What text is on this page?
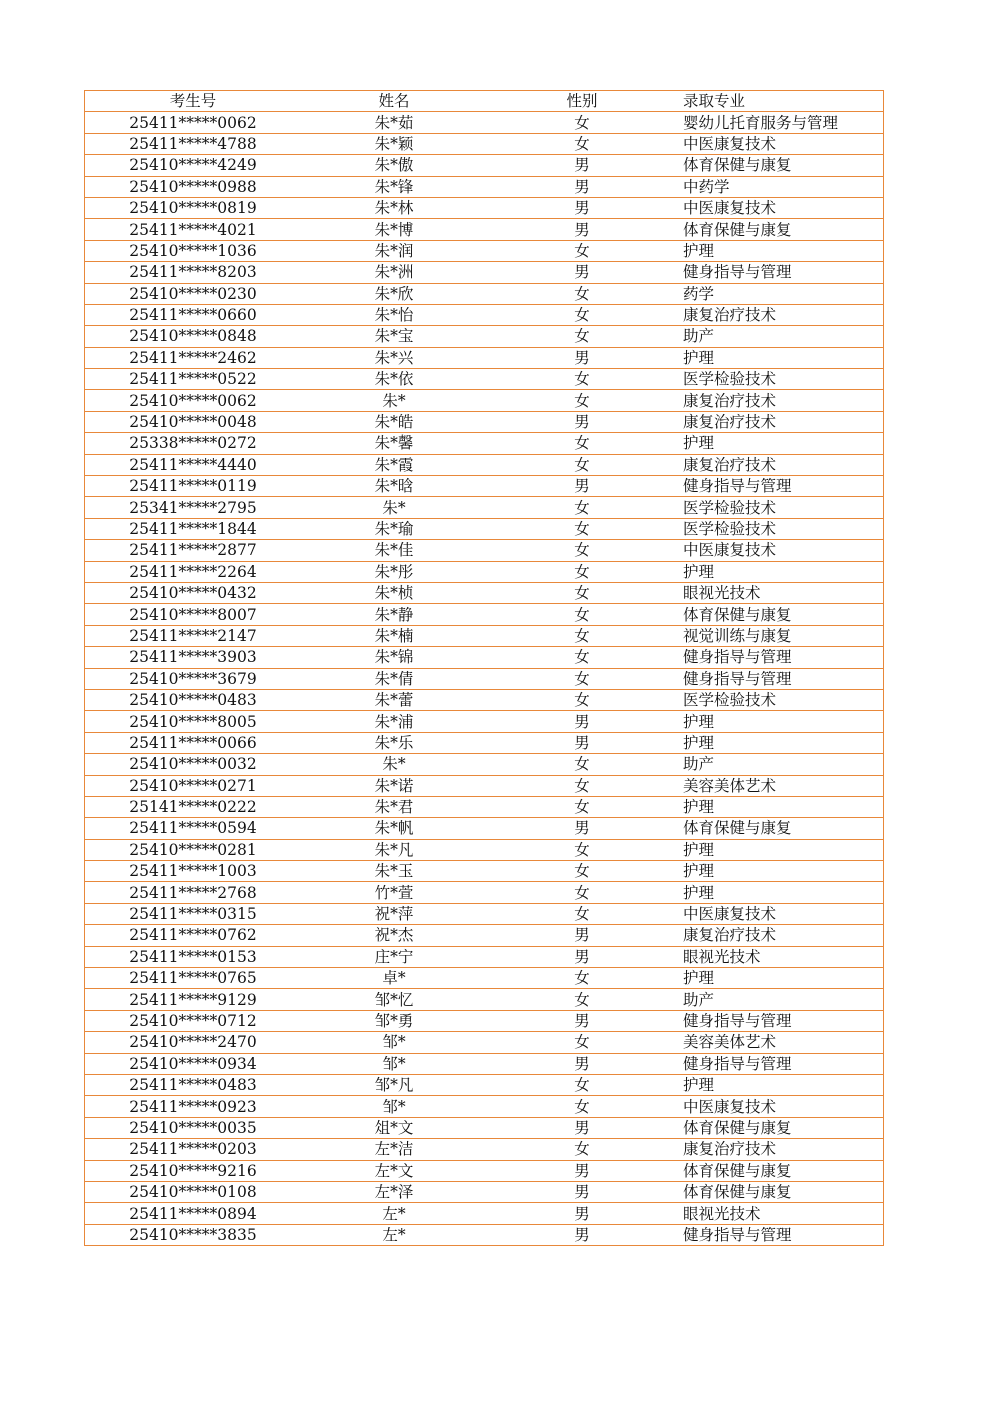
考生号	姓名	性别	录取专业
25411*****0062	朱*茹	女	婴幼儿托育服务与管理
25411*****4788	朱*颖	女	中医康复技术
25410*****4249	朱*傲	男	体育保健与康复
25410*****0988	朱*锋	男	中药学
25410*****0819	朱*林	男	中医康复技术
25411*****4021	朱*博	男	体育保健与康复
25410*****1036	朱*润	女	护理
25411*****8203	朱*洲	男	健身指导与管理
25410*****0230	朱*欣	女	药学
25411*****0660	朱*怡	女	康复治疗技术
25410*****0848	朱*宝	女	助产
25411*****2462	朱*兴	男	护理
25411*****0522	朱*依	女	医学检验技术
25410*****0062	朱*	女	康复治疗技术
25410*****0048	朱*皓	男	康复治疗技术
25338*****0272	朱*馨	女	护理
25411*****4440	朱*霞	女	康复治疗技术
25411*****0119	朱*晗	男	健身指导与管理
25341*****2795	朱*	女	医学检验技术
25411*****1844	朱*瑜	女	医学检验技术
25411*****2877	朱*佳	女	中医康复技术
25411*****2264	朱*彤	女	护理
25410*****0432	朱*桢	女	眼视光技术
25410*****8007	朱*静	女	体育保健与康复
25411*****2147	朱*楠	女	视觉训练与康复
25411*****3903	朱*锦	女	健身指导与管理
25410*****3679	朱*倩	女	健身指导与管理
25410*****0483	朱*蕾	女	医学检验技术
25410*****8005	朱*浦	男	护理
25411*****0066	朱*乐	男	护理
25410*****0032	朱*	女	助产
25410*****0271	朱*诺	女	美容美体艺术
25141*****0222	朱*君	女	护理
25411*****0594	朱*帆	男	体育保健与康复
25410*****0281	朱*凡	女	护理
25411*****1003	朱*玉	女	护理
25411*****2768	竹*萱	女	护理
25411*****0315	祝*萍	女	中医康复技术
25411*****0762	祝*杰	男	康复治疗技术
25411*****0153	庄*宁	男	眼视光技术
25411*****0765	卓*	女	护理
25411*****9129	邹*忆	女	助产
25410*****0712	邹*勇	男	健身指导与管理
25410*****2470	邹*	女	美容美体艺术
25410*****0934	邹*	男	健身指导与管理
25411*****0483	邹*凡	女	护理
25411*****0923	邹*	女	中医康复技术
25410*****0035	俎*文	男	体育保健与康复
25411*****0203	左*洁	女	康复治疗技术
25410*****9216	左*文	男	体育保健与康复
25410*****0108	左*泽	男	体育保健与康复
25411*****0894	左*	男	眼视光技术
25410*****3835	左*	男	健身指导与管理
